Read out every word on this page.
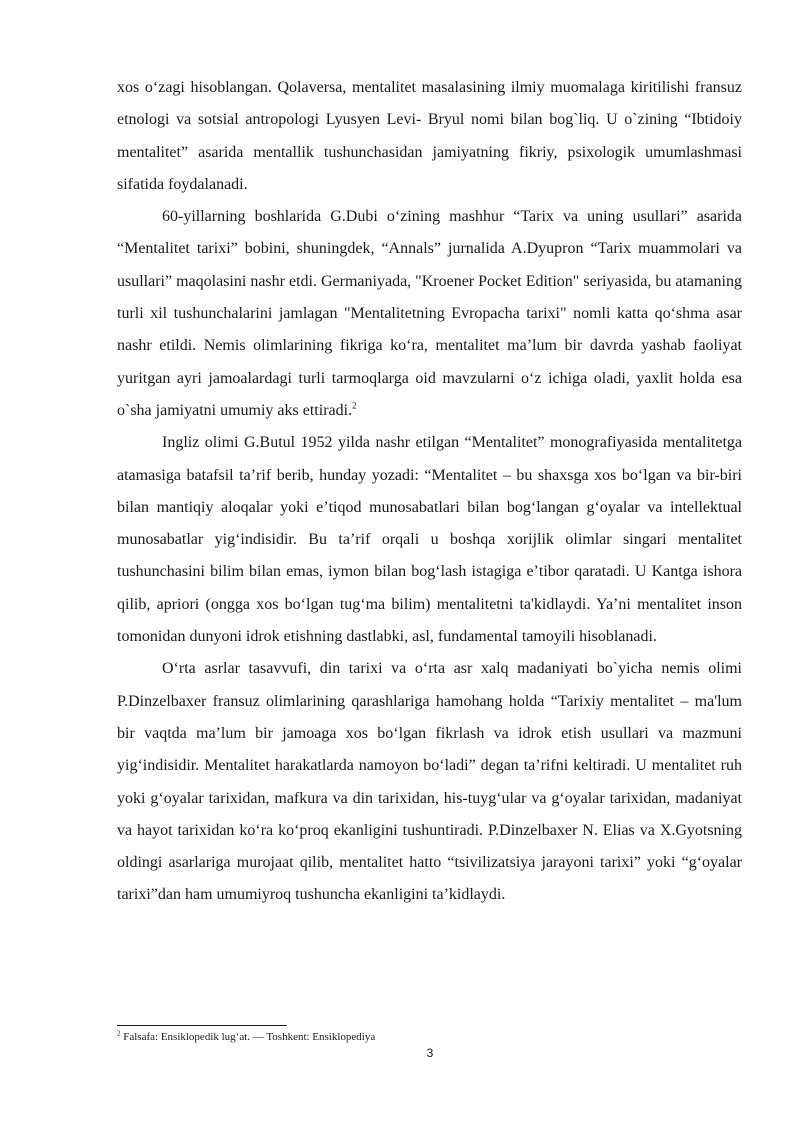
xos oʻzagi hisoblangan. Qolaversa, mentalitet masalasining ilmiy muomalaga kiritilishi fransuz etnologi va sotsial antropologi Lyusyen Levi- Bryul nomi bilan bog`liq. U o`zining “Ibtidoiy mentalitet” asarida mentallik tushunchasidan jamiyatning fikriy, psixologik umumlashmasi sifatida foydalanadi.

60-yillarning boshlarida G.Dubi oʻzining mashhur “Tarix va uning usullari” asarida “Mentalitet tarixi” bobini, shuningdek, “Annals” jurnalida A.Dyupron “Tarix muammolari va usullari” maqolasini nashr etdi. Germaniyada, "Kroener Pocket Edition" seriyasida, bu atamaning turli xil tushunchalarini jamlagan "Mentalitetning Evropacha tarixi" nomli katta qoʻshma asar nashr etildi. Nemis olimlarining fikriga koʻra, mentalitet maʼlum bir davrda yashab faoliyat yuritgan ayri jamoalardagi turli tarmoqlarga oid mavzularni oʻz ichiga oladi, yaxlit holda esa o`sha jamiyatni umumiy aks ettiradi.$^2$

Ingliz olimi G.Butul 1952 yilda nashr etilgan “Mentalitet” monografiyasida mentalitetga atamasiga batafsil taʼrif berib, hunday yozadi: “Mentalitet – bu shaxsga xos boʻlgan va bir-biri bilan mantiqiy aloqalar yoki eʼtiqod munosabatlari bilan bogʻlangan gʻoyalar va intellektual munosabatlar yigʻindisidir. Bu taʼrif orqali u boshqa xorijlik olimlar singari mentalitet tushunchasini bilim bilan emas, iymon bilan bogʻlash istagiga eʼtibor qaratadi. U Kantga ishora qilib, apriori (ongga xos boʻlgan tugʻma bilim) mentalitetni ta'kidlaydi. Yaʼni mentalitet inson tomonidan dunyoni idrok etishning dastlabki, asl, fundamental tamoyili hisoblanadi.

Oʻrta asrlar tasavvufi, din tarixi va oʻrta asr xalq madaniyati bo`yicha nemis olimi P.Dinzelbaxer fransuz olimlarining qarashlariga hamohang holda “Tarixiy mentalitet – ma'lum bir vaqtda maʼlum bir jamoaga xos boʻlgan fikrlash va idrok etish usullari va mazmuni yigʻindisidir. Mentalitet harakatlarda namoyon boʻladi” degan taʼrifni keltiradi. U mentalitet ruh yoki gʻoyalar tarixidan, mafkura va din tarixidan, his-tuygʻular va gʻoyalar tarixidan, madaniyat va hayot tarixidan koʻra koʻproq ekanligini tushuntiradi. P.Dinzelbaxer N. Elias va X.Gyotsning oldingi asarlariga murojaat qilib, mentalitet hatto “tsivilizatsiya jarayoni tarixi” yoki “gʻoyalar tarixi”dan ham umumiyroq tushuncha ekanligini taʼkidlaydi.

$^2$ Falsafa: Ensiklopedik lugʻat. — Toshkent: Ensiklopediya
3
